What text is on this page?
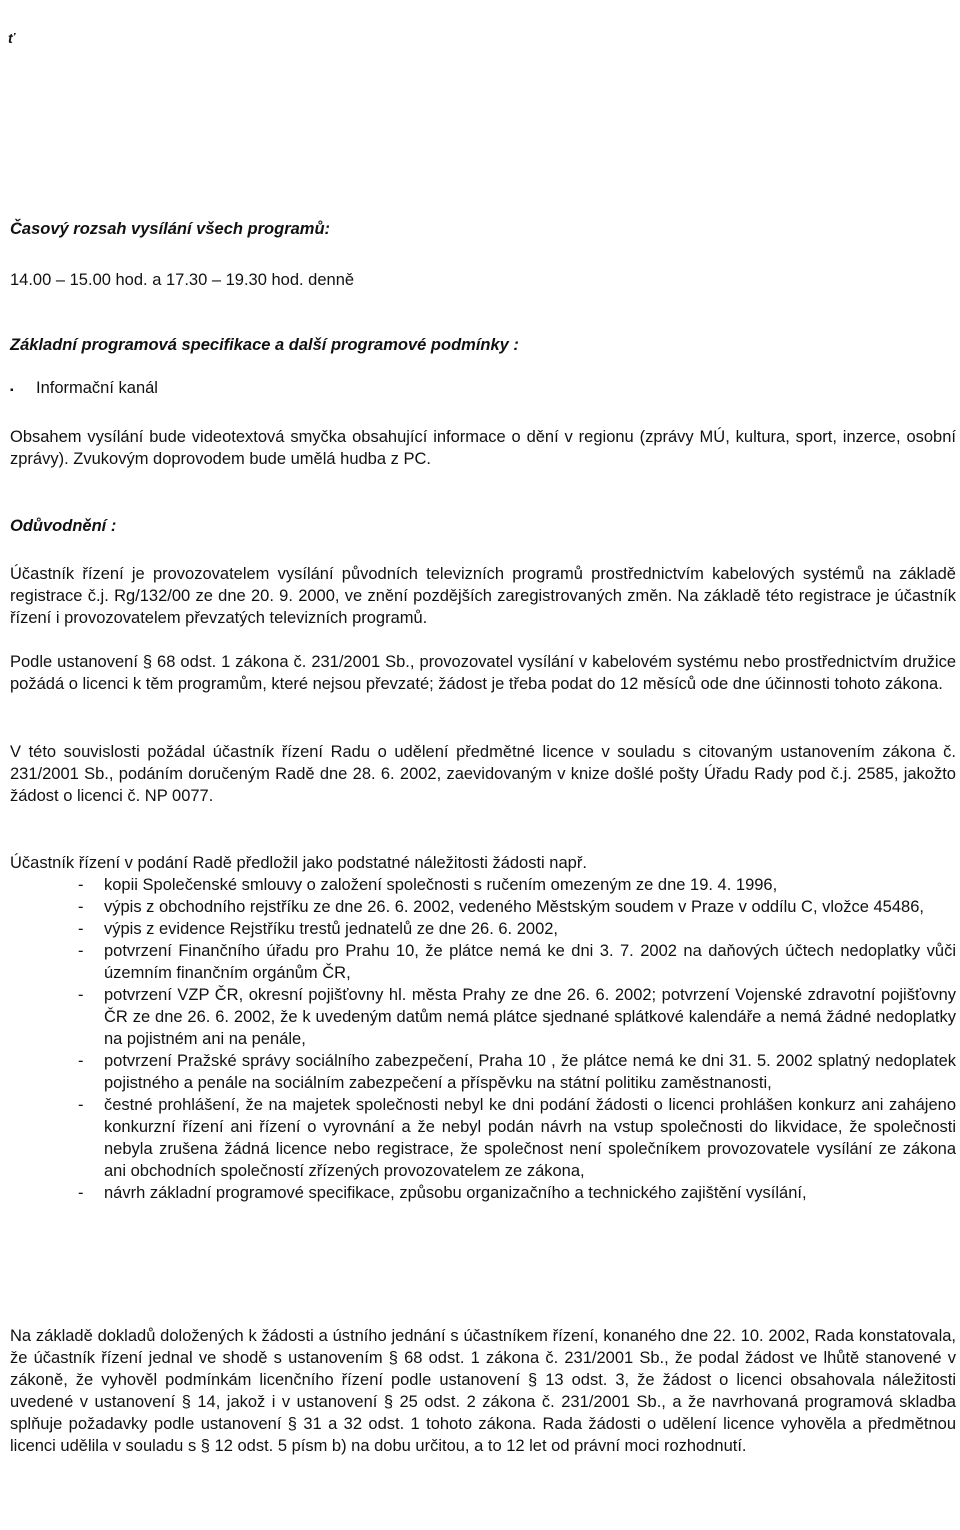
ť

Časový rozsah vysílání všech programů:

14.00 – 15.00 hod. a 17.30 – 19.30 hod. denně

Základní programová specifikace a další programové podmínky :

▪	Informační kanál

Obsahem vysílání bude videotextová smyčka obsahující informace o dění v regionu (zprávy MÚ, kultura, sport, inzerce, osobní zprávy). Zvukovým doprovodem bude umělá hudba z PC.

Odůvodnění :

Účastník řízení je provozovatelem vysílání původních televizních programů prostřednictvím kabelových systémů na základě registrace č.j. Rg/132/00 ze dne 20. 9. 2000, ve znění pozdějších zaregistrovaných změn. Na základě této registrace je účastník řízení i provozovatelem převzatých televizních programů.

Podle ustanovení § 68 odst. 1 zákona č. 231/2001 Sb., provozovatel vysílání v kabelovém systému nebo prostřednictvím družice požádá o licenci k těm programům, které nejsou převzaté; žádost je třeba podat do 12 měsíců ode dne účinnosti tohoto zákona.

V této souvislosti požádal účastník řízení Radu o udělení předmětné licence v souladu s citovaným ustanovením zákona č. 231/2001 Sb., podáním doručeným Radě dne 28. 6. 2002, zaevidovaným v knize došlé pošty Úřadu Rady pod č.j. 2585, jakožto žádost o licenci č. NP 0077.

Účastník řízení v podání Radě předložil jako podstatné náležitosti žádosti např.

- kopii Společenské smlouvy o založení společnosti s ručením omezeným ze dne 19. 4. 1996,
- výpis z obchodního rejstříku ze dne 26. 6. 2002, vedeného Městským soudem v Praze v oddílu C, vložce 45486,
- výpis z evidence Rejstříku trestů jednatelů ze dne 26. 6. 2002,
- potvrzení Finančního úřadu pro Prahu 10, že plátce nemá ke dni 3. 7. 2002 na daňových účtech nedoplatky vůči územním finančním orgánům ČR,
- potvrzení VZP ČR, okresní pojišťovny hl. města Prahy ze dne 26. 6. 2002; potvrzení Vojenské zdravotní pojišťovny ČR ze dne 26. 6. 2002, že k uvedeným datům nemá plátce sjednané splátkové kalendáře a nemá žádné nedoplatky na pojistném ani na penále,
- potvrzení Pražské správy sociálního zabezpečení, Praha 10 , že plátce nemá ke dni 31. 5. 2002 splatný nedoplatek pojistného a penále na sociálním zabezpečení a příspěvku na státní politiku zaměstnanosti,
- čestné prohlášení, že na majetek společnosti nebyl ke dni podání žádosti o licenci prohlášen konkurz ani zahájeno konkurzní řízení ani řízení o vyrovnání a že nebyl podán návrh na vstup společnosti do likvidace, že společnosti nebyla zrušena žádná licence nebo registrace, že společnost není společníkem provozovatele vysílání ze zákona ani obchodních společností zřízených provozovatelem ze zákona,
- návrh základní programové specifikace, způsobu organizačního a technického zajištění vysílání,

Na základě dokladů doložených k žádosti a ústního jednání s účastníkem řízení, konaného dne 22. 10. 2002, Rada konstatovala, že účastník řízení jednal ve shodě s ustanovením § 68 odst. 1 zákona č. 231/2001 Sb., že podal žádost ve lhůtě stanovené v zákoně, že vyhověl podmínkám licenčního řízení podle ustanovení § 13 odst. 3, že žádost o licenci obsahovala náležitosti uvedené v ustanovení § 14, jakož i v ustanovení § 25 odst. 2 zákona č. 231/2001 Sb., a že navrhovaná programová skladba splňuje požadavky podle ustanovení § 31 a 32 odst. 1 tohoto zákona. Rada žádosti o udělení licence vyhověla a předmětnou licenci udělila v souladu s § 12 odst. 5 písm b) na dobu určitou, a to 12 let od právní moci rozhodnutí.
